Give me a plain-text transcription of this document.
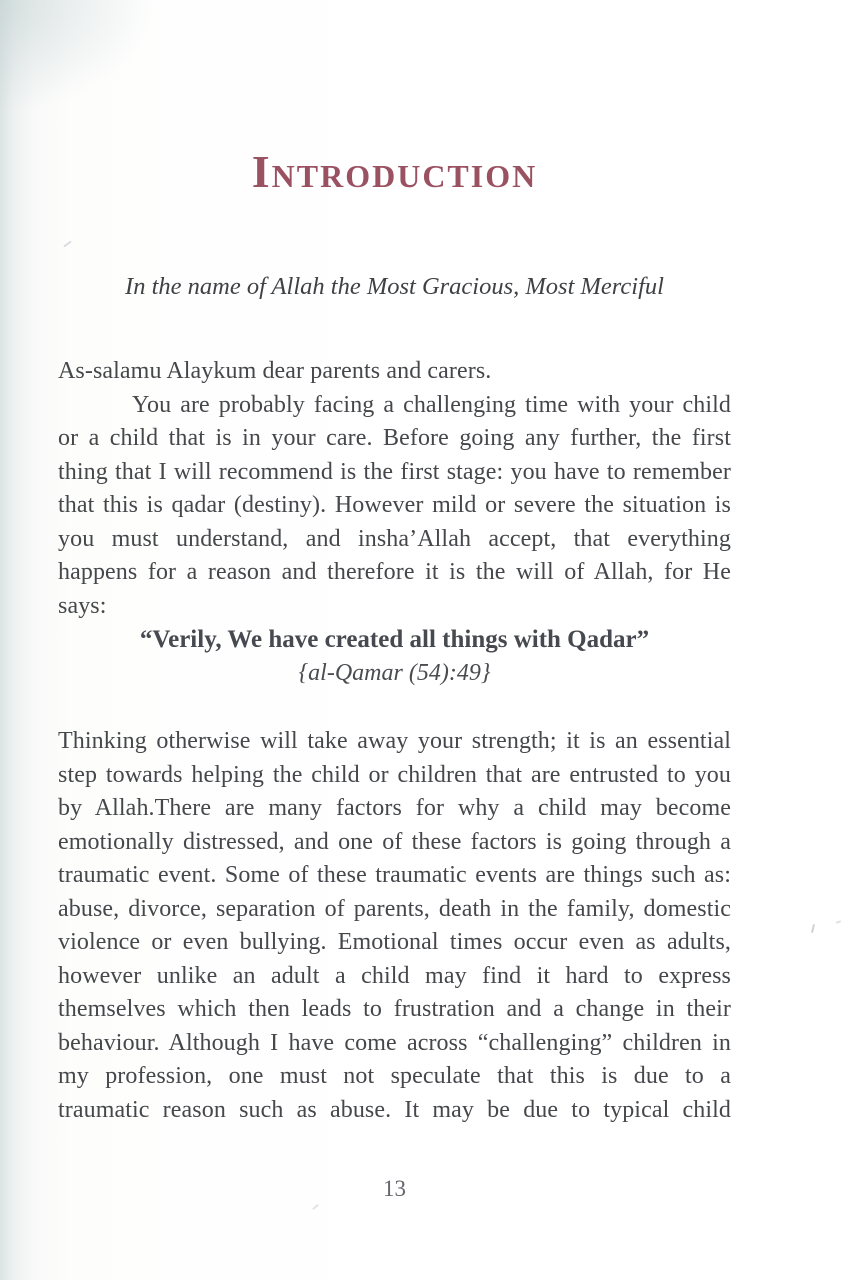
Introduction
In the name of Allah the Most Gracious, Most Merciful
As-salamu Alaykum dear parents and carers.
You are probably facing a challenging time with your child
or a child that is in your care. Before going any further, the first
thing that I will recommend is the first stage: you have to remember
that this is qadar (destiny). However mild or severe the situation is
you must understand, and insha’Allah accept, that everything
happens for a reason and therefore it is the will of Allah, for He
says:
“Verily, We have created all things with Qadar”
{al-Qamar (54):49}
Thinking otherwise will take away your strength; it is an essential
step towards helping the child or children that are entrusted to you
by Allah.There are many factors for why a child may become
emotionally distressed, and one of these factors is going through a
traumatic event. Some of these traumatic events are things such as:
abuse, divorce, separation of parents, death in the family, domestic
violence or even bullying. Emotional times occur even as adults,
however unlike an adult a child may find it hard to express
themselves which then leads to frustration and a change in their
behaviour. Although I have come across “challenging” children in
my profession, one must not speculate that this is due to a
traumatic reason such as abuse. It may be due to typical child
13
